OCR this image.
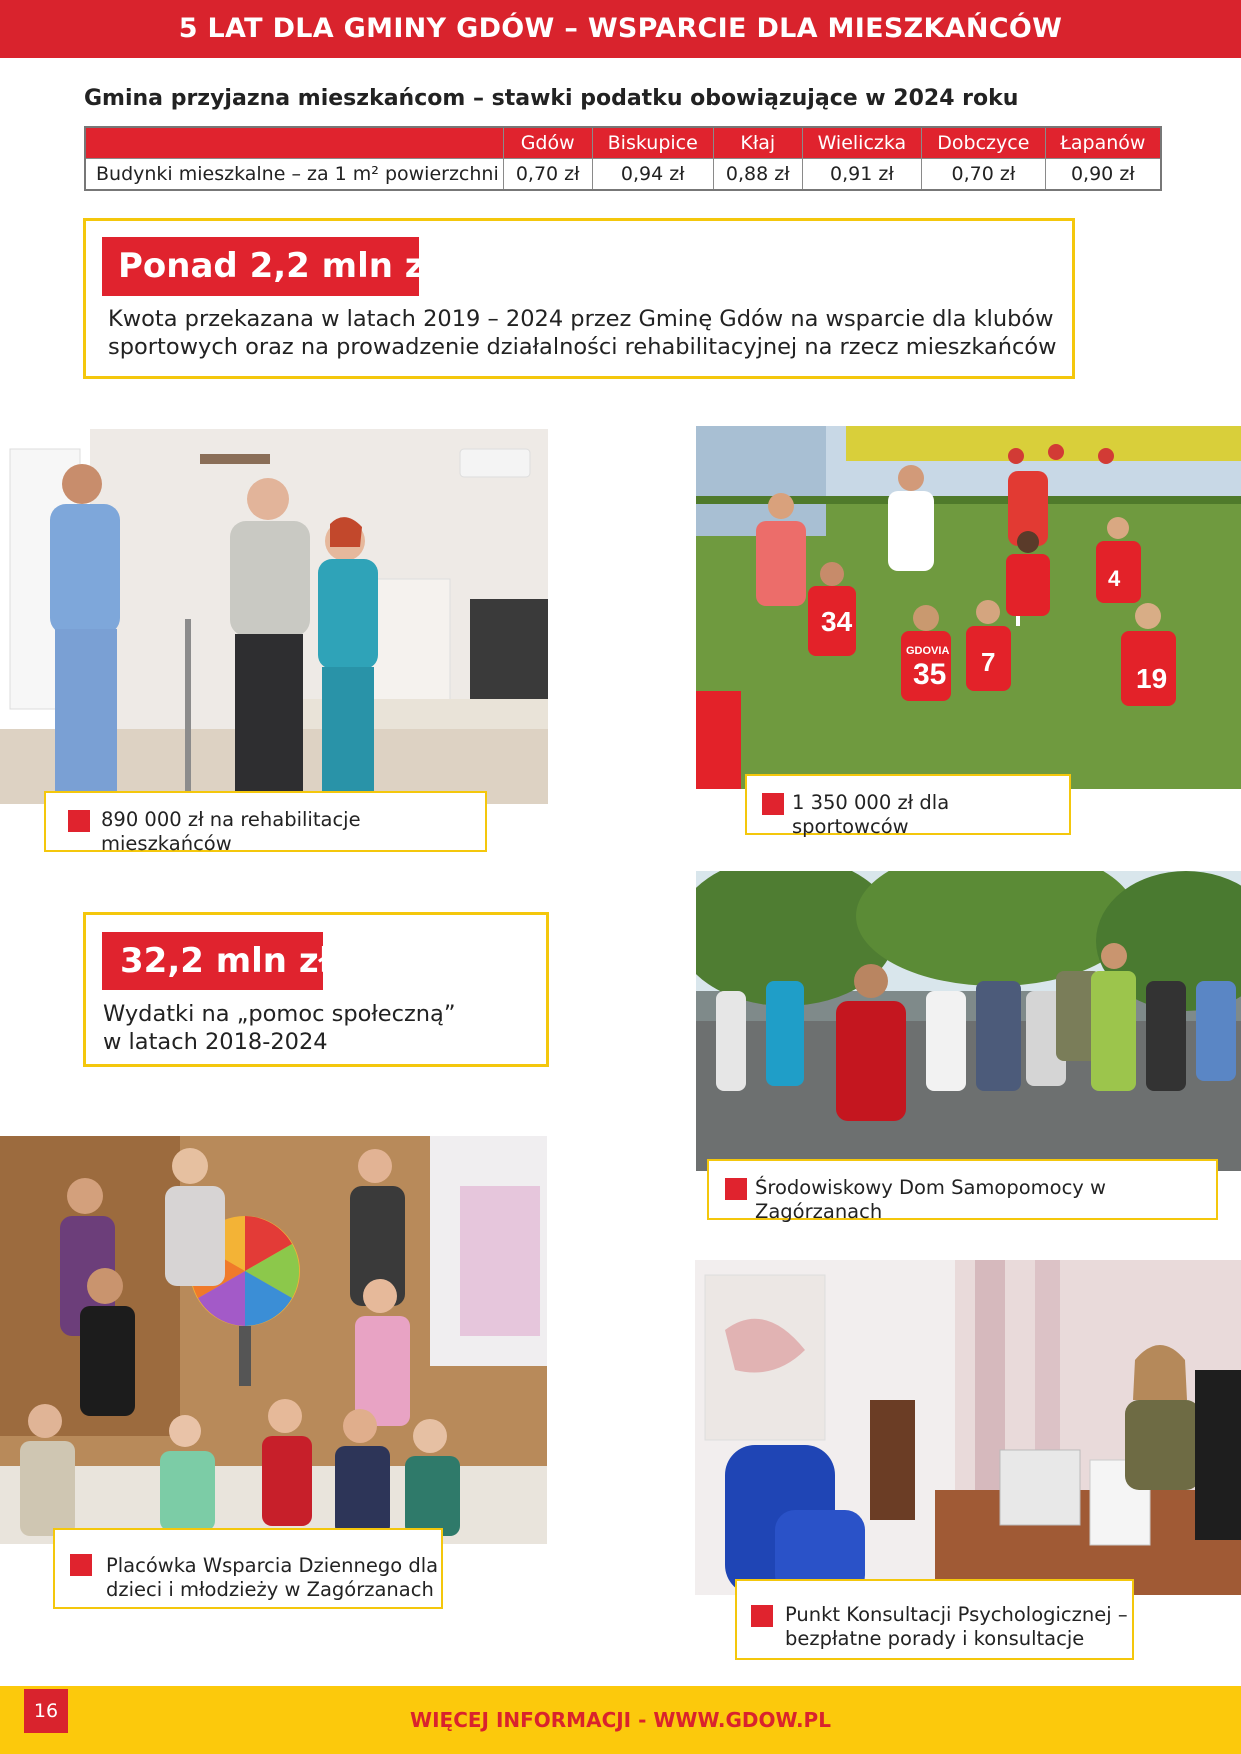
5 LAT DLA GMINY GDÓW – WSPARCIE DLA MIESZKAŃCÓW
Gmina przyjazna mieszkańcom – stawki podatku obowiązujące w 2024 roku
	Gdów	Biskupice	Kłaj	Wieliczka	Dobczyce	Łapanów
Budynki mieszkalne – za 1 m² powierzchni	0,70 zł	0,94 zł	0,88 zł	0,91 zł	0,70 zł	0,90 zł
Ponad 2,2 mln zł
Kwota przekazana w latach 2019 – 2024 przez Gminę Gdów na wsparcie dla klubów
sportowych oraz na prowadzenie działalności rehabilitacyjnej na rzecz mieszkańców
890 000 zł na rehabilitacje mieszkańców
34
35 7
19
4
GDOVIA
1 350 000 zł dla sportowców
32,2 mln zł
Wydatki na „pomoc społeczną”
w latach 2018-2024
Środowiskowy Dom Samopomocy w Zagórzanach
Placówka Wsparcia Dziennego dla
dzieci i młodzieży w Zagórzanach
Punkt Konsultacji Psychologicznej –
bezpłatne porady i konsultacje
16	WIĘCEJ INFORMACJI - WWW.GDOW.PL
